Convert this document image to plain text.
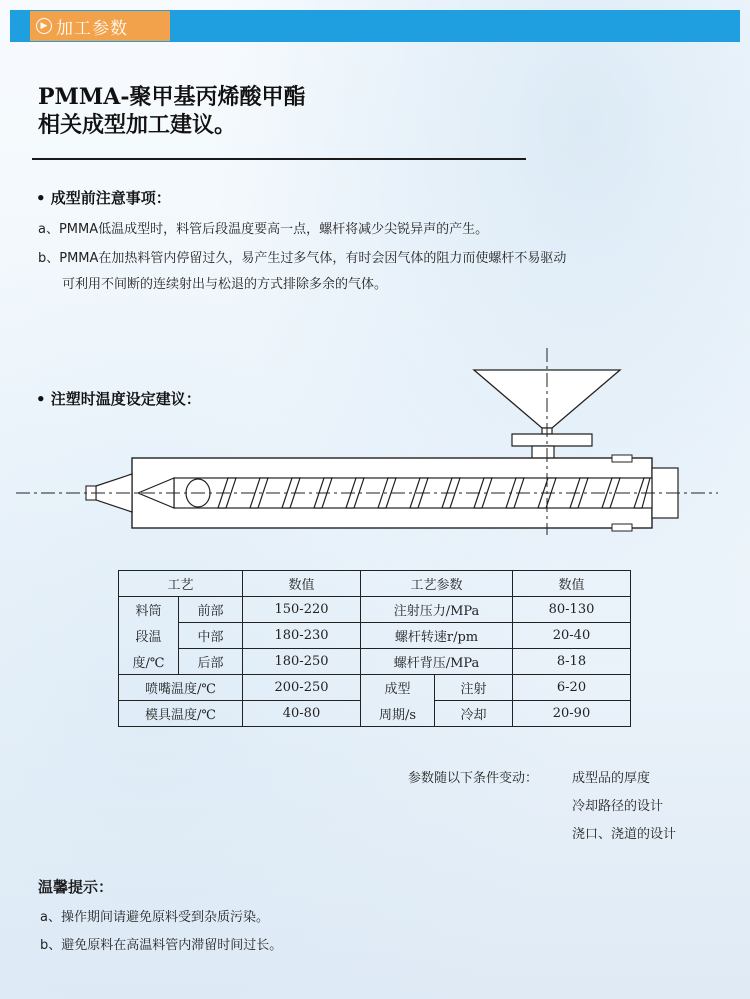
▶ 加工参数
PMMA-聚甲基丙烯酸甲酯
相关成型加工建议。
• 成型前注意事项：
a、PMMA低温成型时，料管后段温度要高一点，螺杆将减少尖锐异声的产生。
b、PMMA在加热料管内停留过久，易产生过多气体，有时会因气体的阻力而使螺杆不易驱动
可利用不间断的连续射出与松退的方式排除多余的气体。
• 注塑时温度设定建议：
工艺		数值	工艺参数		数值
料筒	前部	150-220	注射压力/MPa		80-130
段温	中部	180-230	螺杆转速r/pm		20-40
度/℃	后部	180-250	螺杆背压/MPa		8-18
喷嘴温度/℃		200-250	成型	注射	6-20
模具温度/℃		40-80	周期/s	冷却	20-90
参数随以下条件变动：	成型品的厚度
冷却路径的设计
浇口、浇道的设计
温馨提示：
a、操作期间请避免原料受到杂质污染。
b、避免原料在高温料管内滞留时间过长。
